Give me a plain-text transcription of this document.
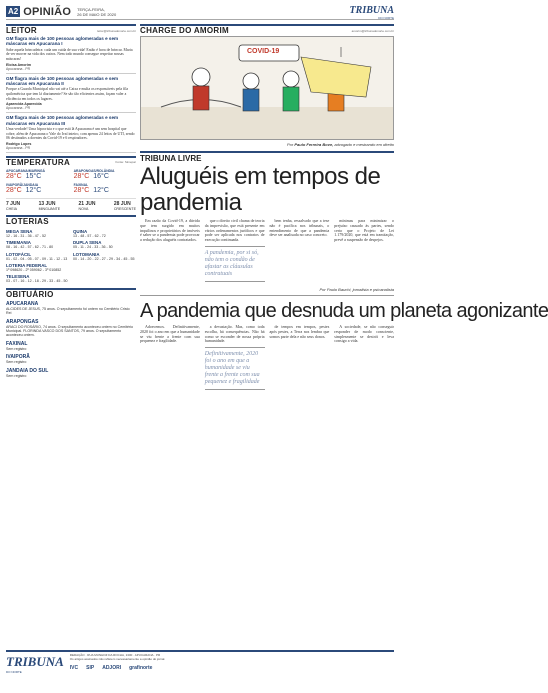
A2 OPINIÃO TERÇA-FEIRA,
26 DE MAIO DE 2020	TRIBUNA
DO NORTE
LEITOR	leitor@tribunadonorte.com.br
GM flagra mais de 100 pessoas aglomeradas e sem máscaras em Apucarana I

Sabe aquela brincadeira: cada um cuida de sua vida! Então é hora de brincar. Maria de ver morrer na vida dos outros. Nem todo mundo consegue respeitar nossas máscaras!

Eloisa Amorim
Apucarana - PR
GM flagra mais de 100 pessoas aglomeradas e sem máscaras em Apucarana II

Porque a Guarda Municipal não vai até a Caixa e multa os responsáveis pela fila quilométrica que tem lá diariamente? Se são tão eficientes assim, façam valer a eficiência em todos os lugares.

Aparecida Aparecida
Apucarana - PR
GM flagra mais de 100 pessoas aglomeradas e sem máscaras em Apucarana III

Uma verdade! Uma hipocrisia e o que está lá Apucarana é um sem hospital que cobre, além de Apucarana o Vale do Ivaí inteiro, com apenas 24 leitos de UTI, sendo 06 destinados a doentes da Covid-19 e 6 respiradores.

Rodrigo Lopes
Apucarana - PR
TEMPERATURA	Fonte: Simepar
APUCARANA/MARINGÁ
28°C 15°C
ARAPONGAS/ROLÂNDIA
28°C 16°C
IVAIPORÃ/JANDAIA
28°C 12°C
FAXINAL
28°C 12°C
7 JUN
CHEIA
13 JUN
MINGUANTE
21 JUN
NOVA
28 JUN
CRESCENTE
LOTERIAS
MEGA SENA

12 - 16 - 31 - 36 - 47 - 52

TIMEMANIA

08 - 16 - 42 - 57 - 62 - 71 - 80

LOTOFÁCIL

01 - 02 - 04 - 05 - 07 - 09 - 11 - 12 - 13

QUINA

13 - 48 - 57 - 62 - 72

DUPLA SENA

05 - 11 - 24 - 33 - 36 - 50

LOTOMANIA

00 - 14 - 20 - 22 - 27 - 29 - 34 - 45 - 55

LOTERIA FEDERAL

1º 098620 - 2º 059062 - 3º 010852

TELESENA

03 - 07 - 16 - 12 - 18 - 29 - 33 - 45 - 50

OBITUÁRIO
APUCARANA

ALCIDES DE JESUS, 75 anos. O sepultamento foi ontem no Cemitério Cristo Rei

ARAPONGAS

ARACI DO ROSÁRIO, 74 anos. O sepultamento aconteceu ontem no Cemitério Municipal. FLORINDA VASCO DOS SANTOS, 79 anos. O sepultamento aconteceu ontem.

FAXINAL

Sem registro

IVAIPORÃ

Sem registro

JANDAIA DO SUL

Sem registro

CHARGE DO AMORIM	amorim@tribunadonorte.com.br
COVID-19
Por Paulo Ferreira Bove, advogado e mestrando em direito
TRIBUNA LIVRE
Aluguéis em tempos de pandemia

Em razão da Covid-19, a dúvida que tem surgido em muitos inquilinos e proprietários de imóveis é saber se a pandemia pode provocar a redução dos aluguéis contratados.

que o direito civil chama de teoria da imprevisão, que está presente em vários ordenamentos jurídicos e que pode ser aplicada nos contratos de execução continuada.

A pandemia, por si só, não tem o condão de afastar as cláusulas contratuais

bem tenha, ressalvado que a tese não é pacífica nos tribunais, o entendimento de que a pandemia deve ser analisada no caso concreto.

mínimas para minimizar o prejuízo causado às partes, sendo certo que o Projeto de Lei 1.179/2020, que está em tramitação, prevê a suspensão de despejos.

Por Paulo Bauchi, jornalista e psicanalista
A pandemia que desnuda um planeta agonizante

Adoecemos. Definitivamente, 2020 foi o ano em que a humanidade se viu frente a frente com sua pequenez e fragilidade.

a devastação. Mas, como toda escolha, há consequências. Não há como se esconder de nossa própria humanidade.

Definitivamente, 2020 foi o ano em que a humanidade se viu frente a frente com sua pequenez e fragilidade

de tempos em tempos, pestes após pestes, a Terra nos lembra que somos parte dela e não seus donos.

A sociedade, se não conseguir responder de modo consciente, simplesmente se destrói e leva consigo a vida.

TRIBUNA
DO NORTE
REDAÇÃO · RUA MUNHOZ DA ROCHA, 1300 · APUCARANA · PR
Os artigos assinados não refletem necessariamente a opinião do jornal.
IVC SIP ADJORI grafinorte
